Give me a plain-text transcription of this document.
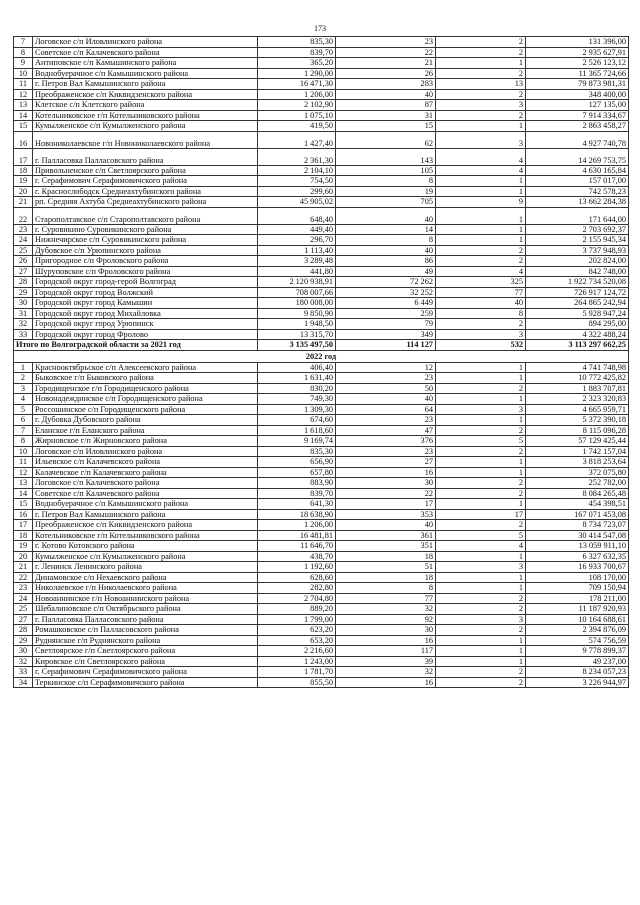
173
7	Логовское с/п Иловлинского района	835,30	23	2	131 396,00
8	Советское с/п Калачевского района	839,70	22	2	2 935 627,91
9	Антиповское с/п Камышинского района	365,20	21	1	2 526 123,12
10	Воднобуерачное с/п Камышинского района	1 290,00	26	2	11 365 724,66
11	г. Петров Вал Камышинского района	16 471,30	283	13	79 873 981,31
12	Преображенское с/п Киквидзенского района	1 206,00	40	2	348 400,00
13	Клетское с/п Клетского района	2 102,90	87	3	127 135,00
14	Котельниковское г/п Котельниковского района	1 075,10	31	2	7 914 334,67
15	Кумылженское с/п Кумылженского района	419,50	15	1	2 863 458,27
16	Новониколаевское г/п Новониколаевского района	1 427,40	62	3	4 927 740,78
17	г. Палласовка Палласовского района	2 361,30	143	4	14 269 753,75
18	Привольненское с/п Светлоярского района	2 104,10	105	4	4 630 165,84
19	г. Серафимович Серафимовичского района	754,50	8	1	157 017,00
20	г. Краснослободск Среднеахтубинского района	299,60	19	1	742 578,23
21	рп. Средняя Ахтуба Среднеахтубинского района	45 905,02	705	9	13 662 284,38
22	Старополтавское с/п Старополтавского района	648,40	40	1	171 644,00
23	г. Суровикино Суровикинского района	449,40	14	1	2 703 692,37
24	Нижнечирское с/п Суровикинского района	296,70	8	1	2 155 945,34
25	Дубовское с/п Урюпинского района	1 113,40	40	2	3 737 948,93
26	Пригородное с/п Фроловского района	3 289,48	86	2	202 824,00
27	Шуруповское с/п Фроловского района	441,80	49	4	842 748,00
28	Городской округ город-герой Волгоград	2 120 938,91	72 262	325	1 922 734 520,08
29	Городской округ город Волжский	708 007,66	32 252	77	726 917 124,72
30	Городской округ город Камышин	180 008,00	6 449	40	264 865 242,94
31	Городской округ город Михайловка	9 850,90	259	8	5 928 947,24
32	Городской округ город Урюпинск	1 948,50	79	2	894 295,00
33	Городской округ город Фролово	13 315,70	349	3	4 322 488,24
Итого по Волгоградской области за 2021 год		3 135 497,50	114 127	532	3 113 297 662,25
2022 год					
1	Краснооктябрьское с/п Алексеевского района	406,40	12	1	4 741 748,98
2	Быковское г/п Быковского района	1 631,40	23	1	10 772 425,82
3	Городищенское г/п Городищенского района	830,20	50	2	1 883 707,81
4	Новонадеждинское с/п Городищенского района	749,30	40	1	2 323 320,83
5	Россошинское с/п Городищенского района	1 309,30	64	3	4 665 959,71
6	г. Дубовка Дубовского района	674,60	23	1	5 372 390,18
7	Еланское г/п Еланского района	1 618,60	47	2	8 115 096,28
8	Жирновское г/п Жирновского района	9 169,74	376	5	57 129 425,44
10	Логовское с/п Иловлинского района	835,30	23	2	1 742 157,04
11	Ильевское с/п Калачевского района	656,90	27	1	3 818 253,64
12	Калачевское г/п Калачевского района	657,80	16	1	372 075,80
13	Логовское с/п Калачевского района	883,90	30	2	252 782,00
14	Советское с/п Калачевского района	839,70	22	2	8 084 265,48
15	Воднобуерачное с/п Камышинского района	641,30	17	1	454 398,51
16	г. Петров Вал Камышинского района	18 638,90	353	17	167 071 453,08
17	Преображенское с/п Киквидзенского района	1 206,00	40	2	8 734 723,07
18	Котельниковское г/п Котельниковского района	16 481,81	361	5	30 414 547,08
19	г. Котово Котовского района	11 646,70	351	4	13 059 911,10
20	Кумылженское с/п Кумылженского района	438,70	18	1	6 327 632,35
21	г. Ленинск Ленинского района	1 192,60	51	3	16 933 700,67
22	Динамовское с/п Нехаевского района	628,60	18	1	108 170,00
23	Николаевское г/п Николаевского района	282,80	8	1	709 150,94
24	Новоаннинское г/п Новоаннинского района	2 704,80	77	2	178 211,00
25	Шебалиновское с/п Октябрьского района	889,20	32	2	11 187 920,93
27	г. Палласовка Палласовского района	1 799,00	92	3	10 164 688,61
28	Ромашковское с/п Палласовского района	623,20	30	2	2 394 876,09
29	Руднянское г/п Руднянского района	653,20	16	1	574 756,59
30	Светлоярское г/п Светлоярского района	2 216,60	117	1	9 778 899,37
32	Кировское с/п Светлоярского района	1 243,00	39	1	49 237,00
33	г. Серафимович Серафимовичского района	1 781,70	32	2	8 234 057,23
34	Теркинское с/п Серафимовичского района	855,50	16	2	3 226 944,97
